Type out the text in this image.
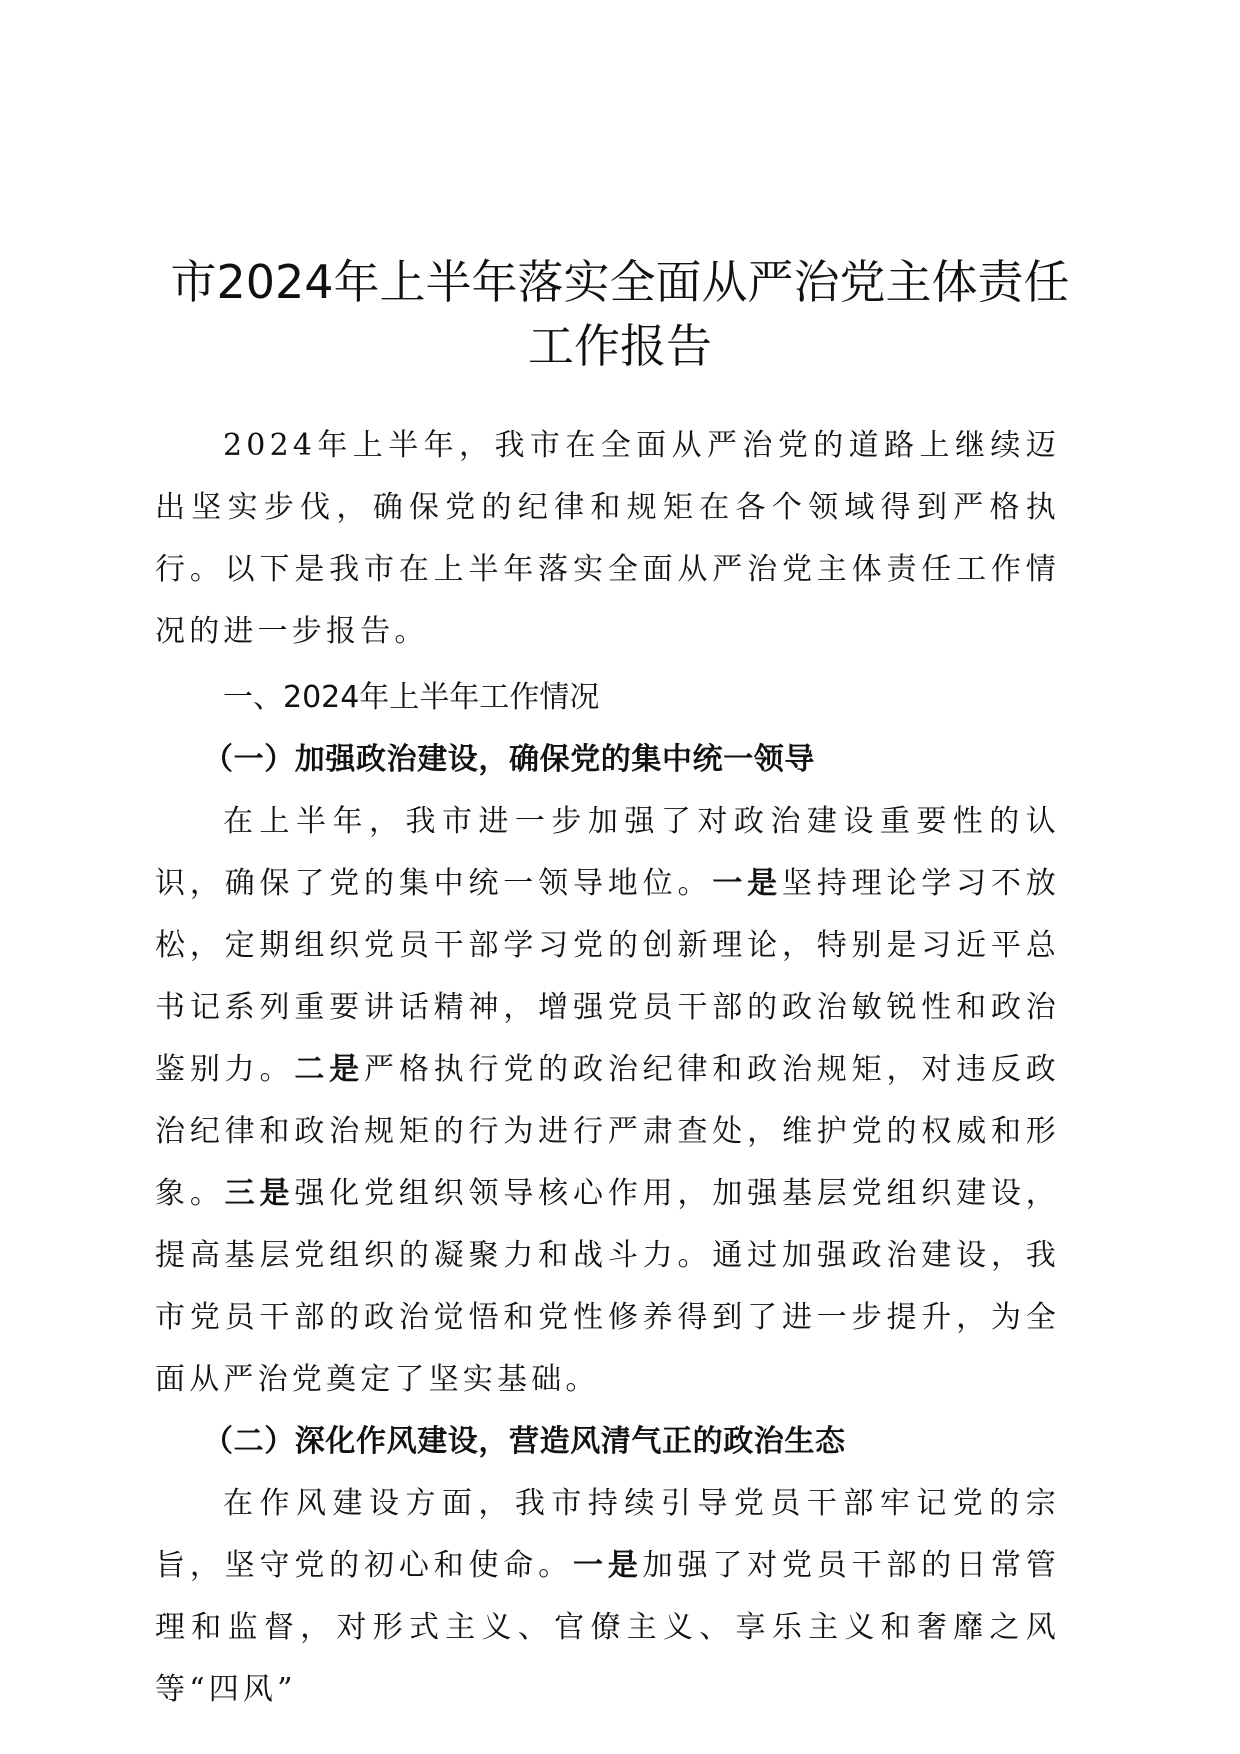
市2024年上半年落实全面从严治党主体责任
工作报告

2024年上半年，我市在全面从严治党的道路上继续迈出坚实步伐，确保党的纪律和规矩在各个领域得到严格执行。以下是我市在上半年落实全面从严治党主体责任工作情况的进一步报告。

一、2024年上半年工作情况

（一）加强政治建设，确保党的集中统一领导

在上半年，我市进一步加强了对政治建设重要性的认识，确保了党的集中统一领导地位。一是坚持理论学习不放松，定期组织党员干部学习党的创新理论，特别是习近平总书记系列重要讲话精神，增强党员干部的政治敏锐性和政治鉴别力。二是严格执行党的政治纪律和政治规矩，对违反政治纪律和政治规矩的行为进行严肃查处，维护党的权威和形象。三是强化党组织领导核心作用，加强基层党组织建设，提高基层党组织的凝聚力和战斗力。通过加强政治建设，我市党员干部的政治觉悟和党性修养得到了进一步提升，为全面从严治党奠定了坚实基础。

（二）深化作风建设，营造风清气正的政治生态

在作风建设方面，我市持续引导党员干部牢记党的宗旨，坚守党的初心和使命。一是加强了对党员干部的日常管理和监督，对形式主义、官僚主义、享乐主义和奢靡之风等“四风”
